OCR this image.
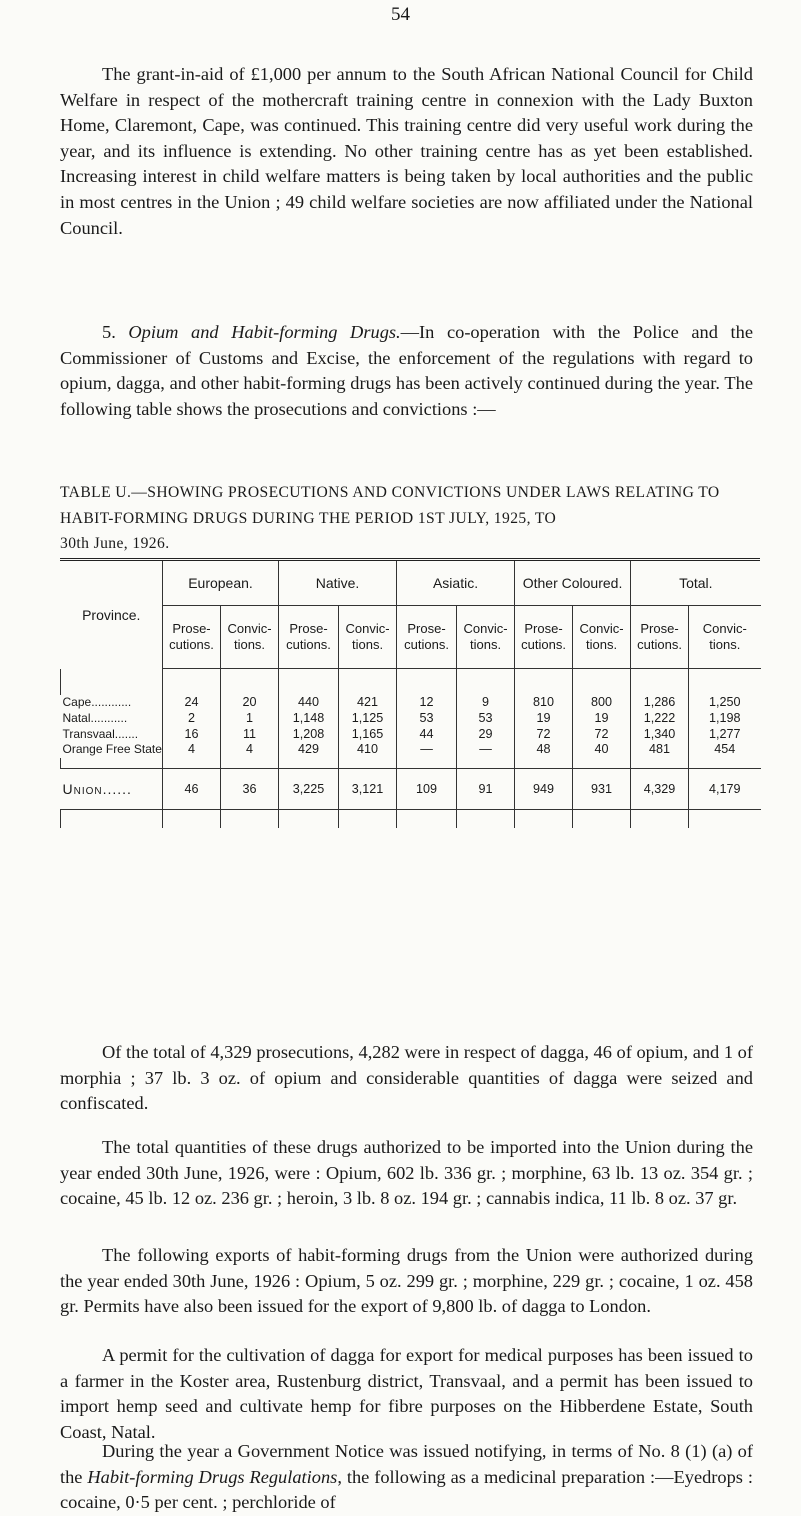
54

The grant-in-aid of £1,000 per annum to the South African National Council for Child Welfare in respect of the mothercraft training centre in connexion with the Lady Buxton Home, Claremont, Cape, was continued. This training centre did very useful work during the year, and its influence is extending. No other training centre has as yet been established. Increasing interest in child welfare matters is being taken by local authorities and the public in most centres in the Union ; 49 child welfare societies are now affiliated under the National Council.

5. Opium and Habit-forming Drugs.—In co-operation with the Police and the Commissioner of Customs and Excise, the enforcement of the regulations with regard to opium, dagga, and other habit-forming drugs has been actively continued during the year. The following table shows the prosecutions and convictions :—

TABLE U.—SHOWING PROSECUTIONS AND CONVICTIONS UNDER LAWS RELATING TO HABIT-FORMING DRUGS DURING THE PERIOD 1ST JULY, 1925, TO
30th June, 1926.

Province.	European.		Native.		Asiatic.		Other Coloured.		Total.	
	Prose-
cutions.	Convic-
tions.	Prose-
cutions.	Convic-
tions.	Prose-
cutions.	Convic-
tions.	Prose-
cutions.	Convic-
tions.	Prose-
cutions.	Convic-
tions.

Cape............	24	20	440	421	12	9	810	800	1,286	1,250
Natal...........	2	1	1,148	1,125	53	53	19	19	1,222	1,198
Transvaal.......	16	11	1,208	1,165	44	29	72	72	1,340	1,277
Orange Free State	4	4	429	410	—	—	48	40	481	454

Union......	46	36	3,225	3,121	109	91	949	931	4,329	4,179

Of the total of 4,329 prosecutions, 4,282 were in respect of dagga, 46 of opium, and 1 of morphia ; 37 lb. 3 oz. of opium and considerable quantities of dagga were seized and confiscated.

The total quantities of these drugs authorized to be imported into the Union during the year ended 30th June, 1926, were : Opium, 602 lb. 336 gr. ; morphine, 63 lb. 13 oz. 354 gr. ; cocaine, 45 lb. 12 oz. 236 gr. ; heroin, 3 lb. 8 oz. 194 gr. ; cannabis indica, 11 lb. 8 oz. 37 gr.

The following exports of habit-forming drugs from the Union were authorized during the year ended 30th June, 1926 : Opium, 5 oz. 299 gr. ; morphine, 229 gr. ; cocaine, 1 oz. 458 gr. Permits have also been issued for the export of 9,800 lb. of dagga to London.

A permit for the cultivation of dagga for export for medical purposes has been issued to a farmer in the Koster area, Rustenburg district, Transvaal, and a permit has been issued to import hemp seed and cultivate hemp for fibre purposes on the Hibberdene Estate, South Coast, Natal.

During the year a Government Notice was issued notifying, in terms of No. 8 (1) (a) of the Habit-forming Drugs Regulations, the following as a medicinal preparation :—Eyedrops : cocaine, 0·5 per cent. ; perchloride of
